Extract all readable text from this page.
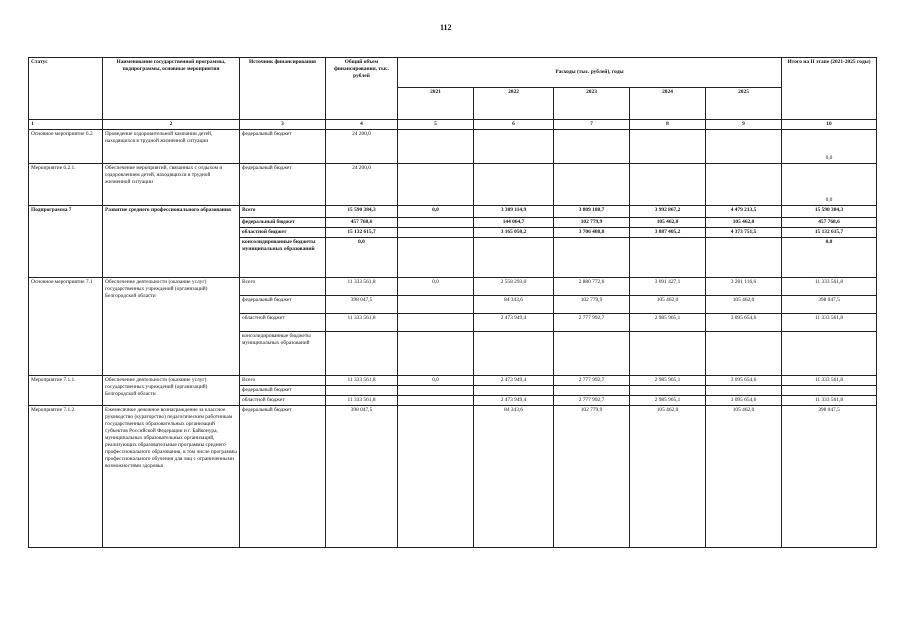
112
Статус	Наименование государственной программы, подпрограммы, основные мероприятия	Источник финансирования	Общий объем финансирования, тыс. рублей	Расходы (тыс. рублей), годы					Итого на II этапе (2021-2025 годы)
				2021	2022	2023	2024	2025	
1	2	3	4	5	6	7	8	9	10
Основное мероприятие 6.2	Проведение оздоровительной кампании детей, находящихся в трудной жизненной ситуации	федеральный бюджет	24 200,0						0,0
Мероприятие 6.2.1.	Обеспечение мероприятий, связанных с отдыхом и оздоровлением детей, находящихся в трудной жизненной ситуации	федеральный бюджет	24 200,0						0,0
Подпрограмма 7	Развитие среднего профессионального образования	Всего	15 590 384,3	0,0	3 309 114,9	3 809 188,7	3 992 867,2	4 479 213,5	15 590 384,3
		федеральный бюджет	457 768,6		144 064,7	102 779,9	105 462,0	105 462,0	457 768,6
		областной бюджет	15 132 615,7		3 165 050,2	3 706 408,8	3 887 405,2	4 373 751,5	15 132 615,7
		консолидированные бюджеты муниципальных образований	0,0						0,0
Основное мероприятие 7.1	Обеспечение деятельности (оказание услуг) государственных учреждений (организаций) Белгородской области	Всего	11 333 561,8	0,0	2 558 293,0	2 880 772,6	3 091 427,1	3 201 116,6	11 333 561,8
		федеральный бюджет	398 047,5		84 343,6	102 779,9	105 462,0	105 462,0	398 047,5
		областной бюджет	11 333 561,8		2 473 949,4	2 777 992,7	2 985 965,1	3 095 654,6	11 333 561,8
		консолидированные бюджеты муниципальных образований							
Мероприятие 7.1.1.	Обеспечение деятельности (оказание услуг) государственных учреждений (организаций) Белгородской области	Всего	11 333 561,8	0,0	2 473 949,4	2 777 992,7	2 985 965,1	3 095 654,6	11 333 561,8
		федеральный бюджет							
		областной бюджет	11 333 561,8		2 473 949,4	2 777 992,7	2 985 965,1	3 095 654,6	11 333 561,8
Мероприятие 7.1.2.	Ежемесячное денежное вознаграждение за классное руководство (кураторство) педагогическим работникам государственных образовательных организаций субъектов Российской Федерации и г. Байконура, муниципальных образовательных организаций, реализующих образовательные программы среднего профессионального образования, в том числе программы профессионального обучения для лиц с ограниченными возможностями здоровья	федеральный бюджет	398 047,5		84 343,6	102 779,9	105 462,0	105 462,0	398 047,5
